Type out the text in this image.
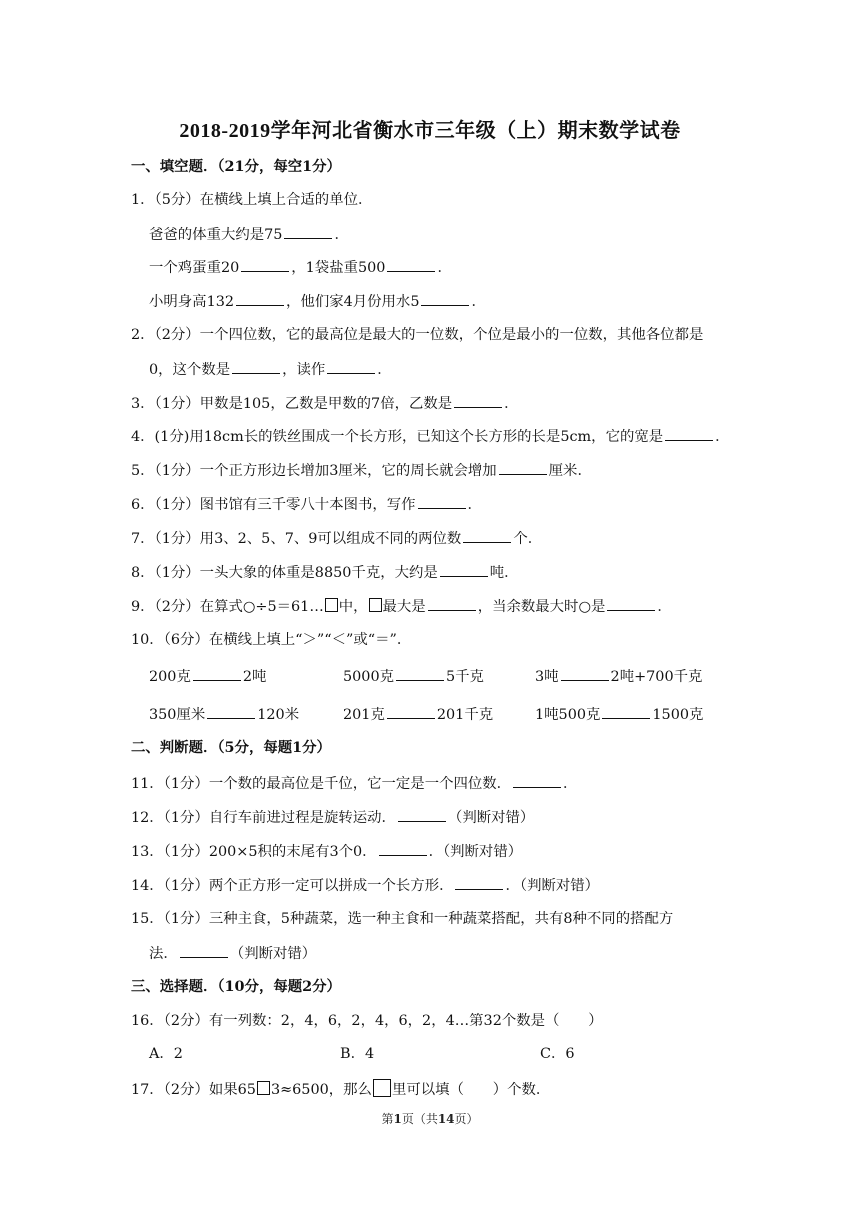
2018-2019学年河北省衡水市三年级（上）期末数学试卷
一、填空题．（21分，每空1分）
1．（5分）在横线上填上合适的单位．
爸爸的体重大约是75	．
一个鸡蛋重20	，1袋盐重500	．
小明身高132	，他们家4月份用水5	．
2．（2分）一个四位数，它的最高位是最大的一位数，个位是最小的一位数，其他各位都是
0，这个数是	，读作	．
3．（1分）甲数是105，乙数是甲数的7倍，乙数是	．
4．(1分)用18cm长的铁丝围成一个长方形，已知这个长方形的长是5cm，它的宽是	．
5．（1分）一个正方形边长增加3厘米，它的周长就会增加	厘米．
6．（1分）图书馆有三千零八十本图书，写作	．
7．（1分）用3、2、5、7、9可以组成不同的两位数	个．
8．（1分）一头大象的体重是8850千克，大约是	吨．
9．（2分）在算式○÷5＝61… 中， 最大是	，当余数最大时○是	．
10．（6分）在横线上填上“＞”“＜”或“＝”．
200克	2吨	5000克	5千克	3吨	2吨+700千克
350厘米	120米	201克	201千克	1吨500克	1500克
二、判断题．（5分，每题1分）
11．（1分）一个数的最高位是千位，它一定是一个四位数．	．
12．（1分）自行车前进过程是旋转运动．	（判断对错）
13．（1分）200×5积的末尾有3个0．	．（判断对错）
14．（1分）两个正方形一定可以拼成一个长方形．	．（判断对错）
15．（1分）三种主食，5种蔬菜，选一种主食和一种蔬菜搭配，共有8种不同的搭配方
法．	（判断对错）
三、选择题．（10分，每题2分）
16．（2分）有一列数：2，4，6，2，4，6，2，4…第32个数是（　　）
A．2	B．4	C．6
17．（2分）如果65 3≈6500，那么 里可以填（　　）个数．
第1页（共14页）
